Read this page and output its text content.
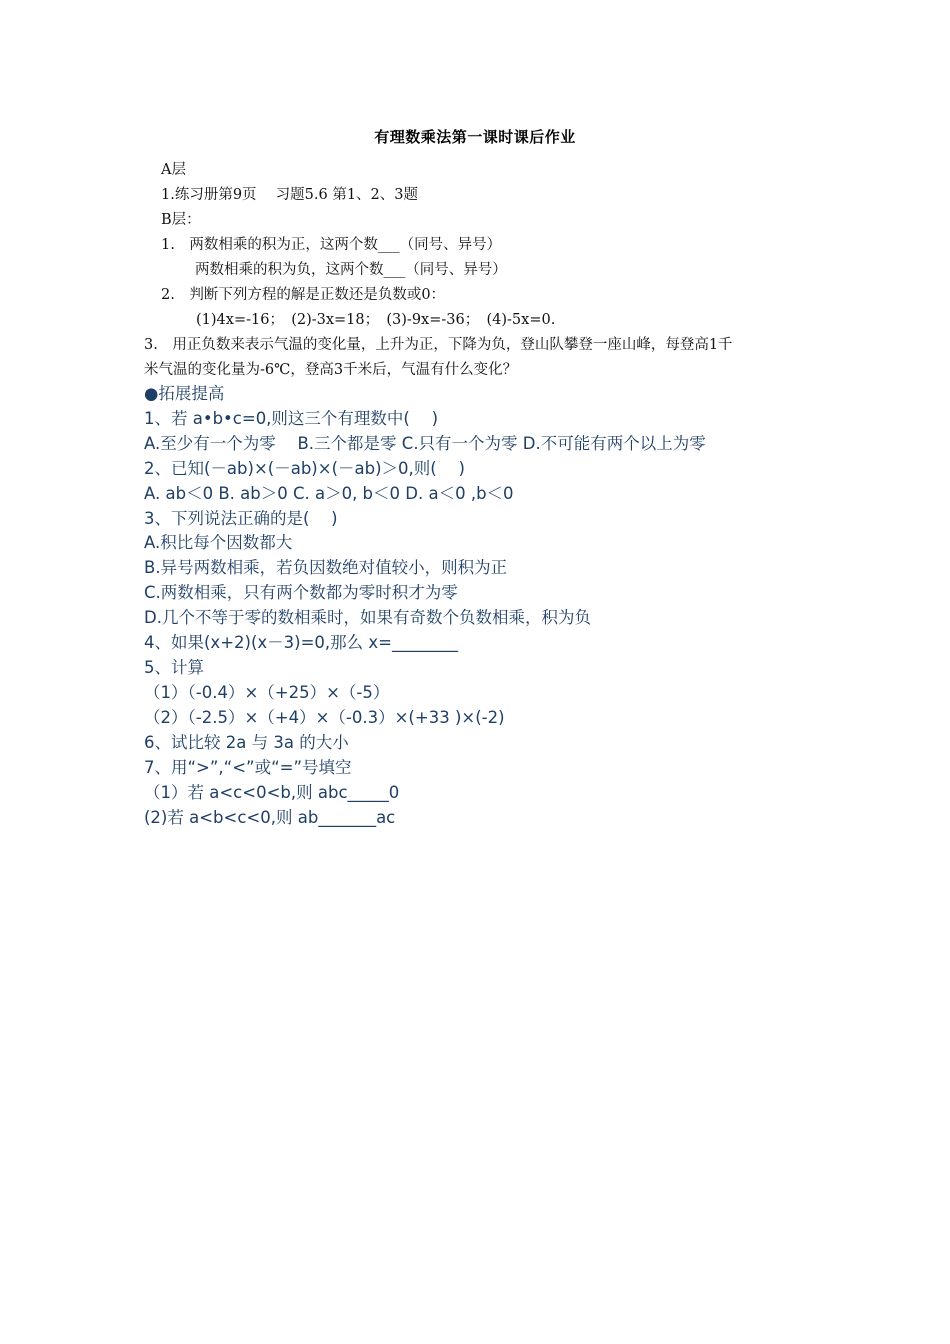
有理数乘法第一课时课后作业
A层
1.练习册第9页　 习题5.6 第1、2、3题
B层：
1.　两数相乘的积为正，这两个数___（同号、异号）
两数相乘的积为负，这两个数___（同号、异号）
2.　判断下列方程的解是正数还是负数或0：
(1)4x=-16；　(2)-3x=18；　(3)-9x=-36；　(4)-5x=0.
3.　用正负数来表示气温的变化量，上升为正，下降为负，登山队攀登一座山峰，每登高1千
米气温的变化量为-6℃，登高3千米后，气温有什么变化？
●拓展提高
1、若 a•b•c=0,则这三个有理数中(　 )
A.至少有一个为零 　B.三个都是零 C.只有一个为零 D.不可能有两个以上为零
2、已知(－ab)×(－ab)×(－ab)＞0,则(　 )
A. ab＜0 B. ab＞0 C. a＞0, b＜0 D. a＜0 ,b＜0
3、下列说法正确的是(　 )
A.积比每个因数都大
B.异号两数相乘，若负因数绝对值较小，则积为正
C.两数相乘，只有两个数都为零时积才为零
D.几个不等于零的数相乘时，如果有奇数个负数相乘，积为负
4、如果(x+2)(x－3)=0,那么 x=________
5、计算
（1）（-0.4）×（+25）×（-5）
（2）（-2.5）×（+4）×（-0.3）×(+33 )×(-2)
6、试比较 2a 与 3a 的大小
7、用“>”,“<”或“=”号填空
（1）若 a<c<0<b,则 abc_____0
(2)若 a<b<c<0,则 ab_______ac
